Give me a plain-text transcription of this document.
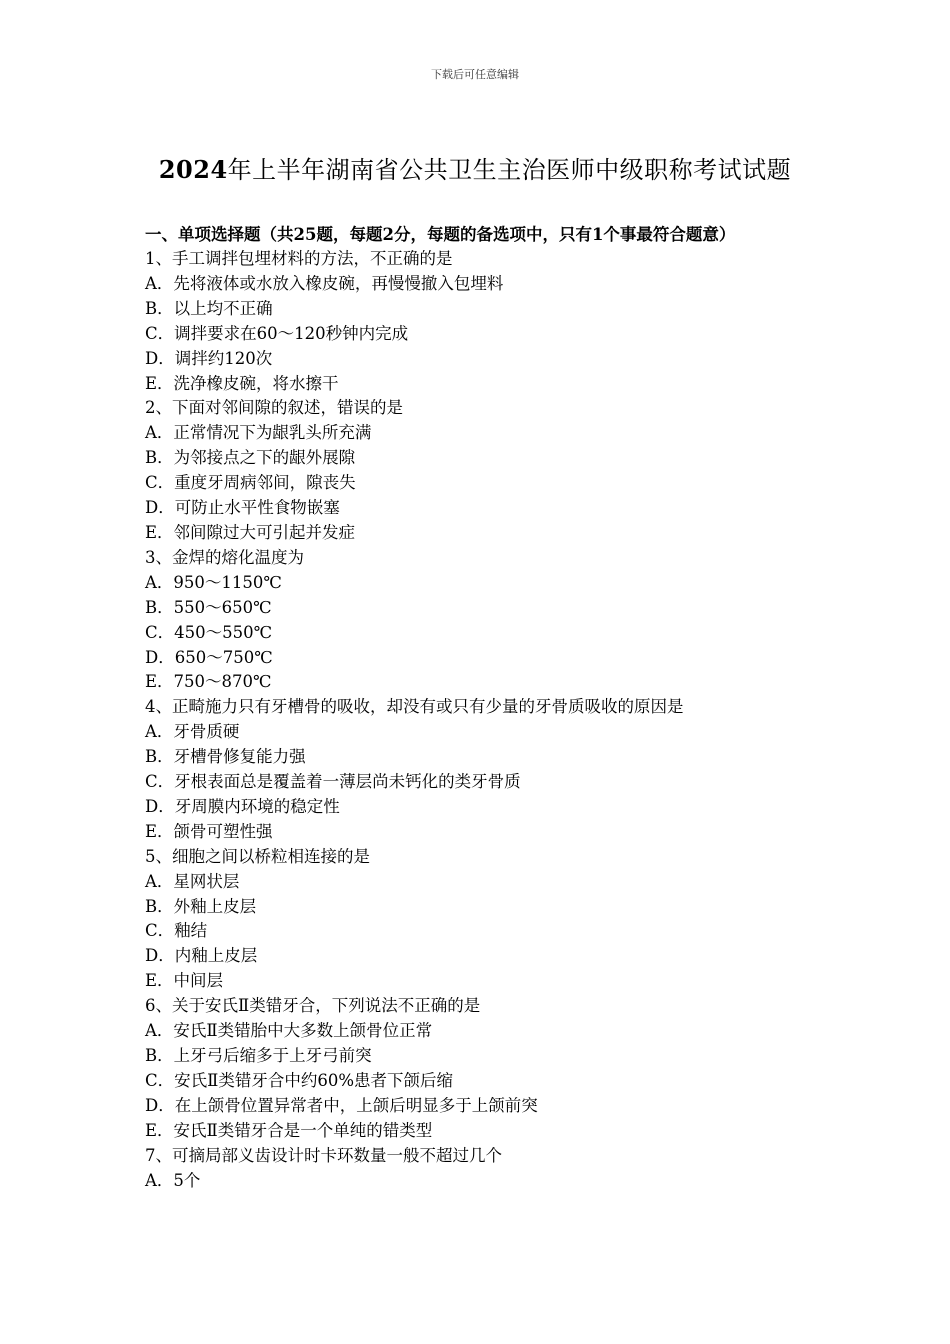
下载后可任意编辑
2024年上半年湖南省公共卫生主治医师中级职称考试试题

一、单项选择题（共25题，每题2分，每题的备选项中，只有1个事最符合题意）

1、手工调拌包埋材料的方法，不正确的是
A．先将液体或水放入橡皮碗，再慢慢撤入包埋料
B．以上均不正确
C．调拌要求在60～120秒钟内完成
D．调拌约120次
E．洗净橡皮碗，将水擦干
2、下面对邻间隙的叙述，错误的是
A．正常情况下为龈乳头所充满
B．为邻接点之下的龈外展隙
C．重度牙周病邻间，隙丧失
D．可防止水平性食物嵌塞
E．邻间隙过大可引起并发症
3、金焊的熔化温度为
A．950～1150℃
B．550～650℃
C．450～550℃
D．650～750℃
E．750～870℃
4、正畸施力只有牙槽骨的吸收，却没有或只有少量的牙骨质吸收的原因是
A．牙骨质硬
B．牙槽骨修复能力强
C．牙根表面总是覆盖着一薄层尚未钙化的类牙骨质
D．牙周膜内环境的稳定性
E．颌骨可塑性强
5、细胞之间以桥粒相连接的是
A．星网状层
B．外釉上皮层
C．釉结
D．内釉上皮层
E．中间层
6、关于安氏Ⅱ类错牙合，下列说法不正确的是
A．安氏Ⅱ类错胎中大多数上颌骨位正常
B．上牙弓后缩多于上牙弓前突
C．安氏Ⅱ类错牙合中约60%患者下颌后缩
D．在上颌骨位置异常者中，上颌后明显多于上颌前突
E．安氏Ⅱ类错牙合是一个单纯的错类型
7、可摘局部义齿设计时卡环数量一般不超过几个
A．5个
